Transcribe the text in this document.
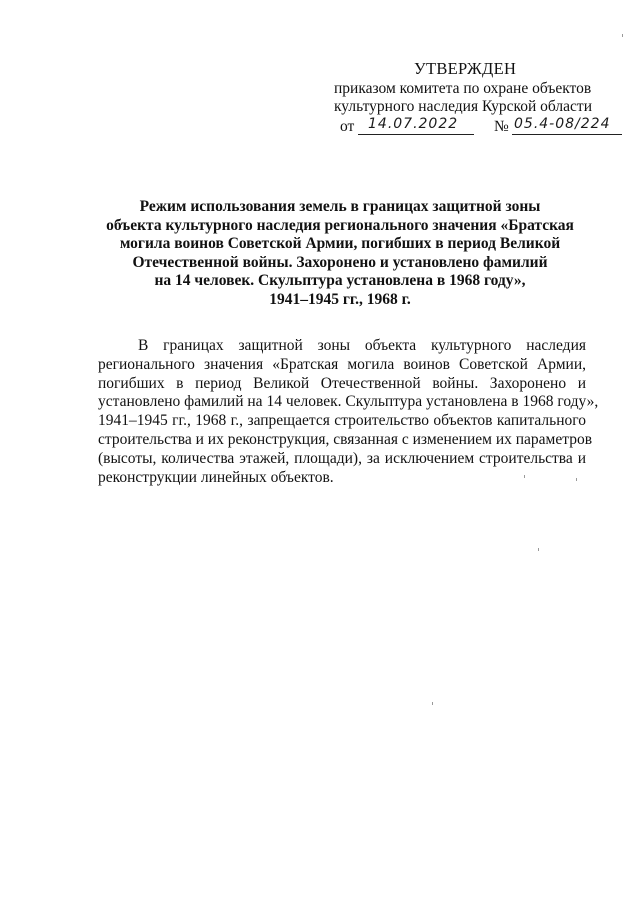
УТВЕРЖДЕН
приказом комитета по охране объектов
культурного наследия Курской области
от 14.07.2022 № 05.4-08/224
Режим использования земель в границах защитной зоны
объекта культурного наследия регионального значения «Братская
могила воинов Советской Армии, погибших в период Великой
Отечественной войны. Захоронено и установлено фамилий
на 14 человек. Скульптура установлена в 1968 году»,
1941–1945 гг., 1968 г.
В границах защитной зоны объекта культурного наследия
регионального значения «Братская могила воинов Советской Армии,
погибших в период Великой Отечественной войны. Захоронено и
установлено фамилий на 14 человек. Скульптура установлена в 1968 году»,
1941–1945 гг., 1968 г., запрещается строительство объектов капитального
строительства и их реконструкция, связанная с изменением их параметров
(высоты, количества этажей, площади), за исключением строительства и
реконструкции линейных объектов.
